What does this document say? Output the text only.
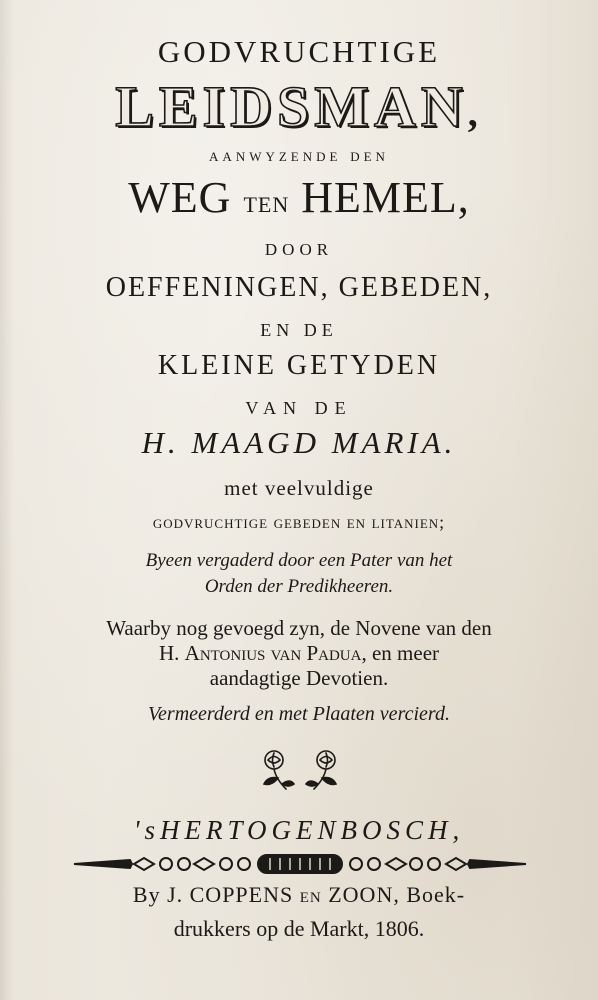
GODVRUCHTIGE
LEIDSMAN,
aanwyzende den
WEG ten HEMEL,
DOOR
OEFFENINGEN, GEBEDEN,
EN DE
KLEINE GETYDEN
VAN DE
H. MAAGD MARIA.
met veelvuldige
godvruchtige gebeden en litanien;
Byeen vergaderd door een Pater van het
Orden der Predikheeren.
Waarby nog gevoegd zyn, de Novene van den
H. Antonius van Padua, en meer
aandagtige Devotien.
Vermeerderd en met Plaaten vercierd.
'sHERTOGENBOSCH,
By J. COPPENS en ZOON, Boek-
drukkers op de Markt, 1806.
